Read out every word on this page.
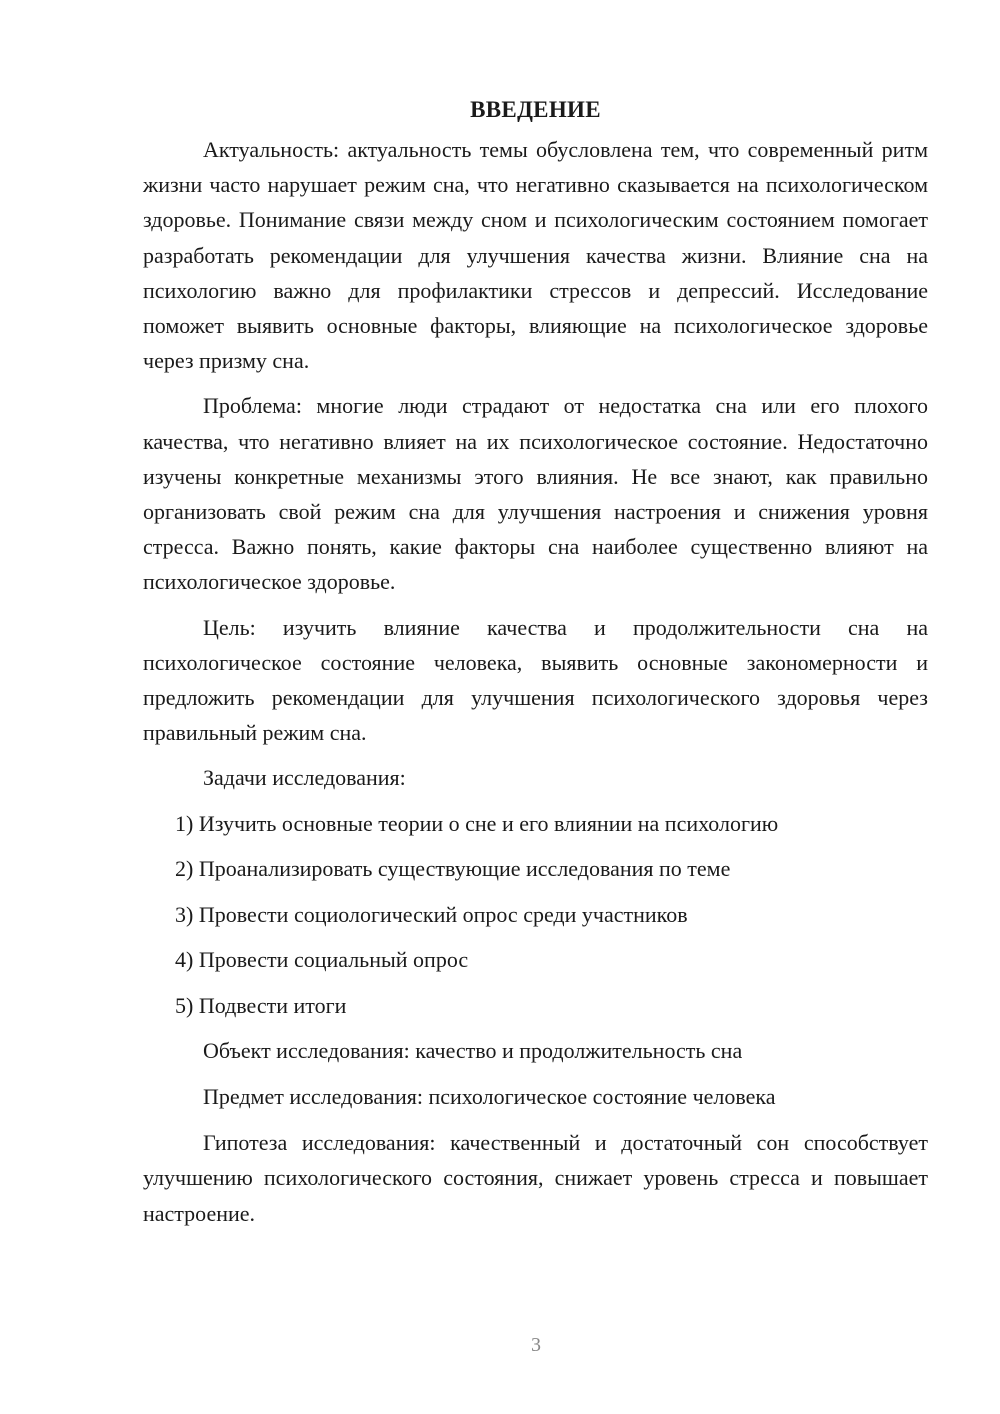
ВВЕДЕНИЕ

Актуальность: актуальность темы обусловлена тем, что современный ритм жизни часто нарушает режим сна, что негативно сказывается на психологическом здоровье. Понимание связи между сном и психологическим состоянием помогает разработать рекомендации для улучшения качества жизни. Влияние сна на психологию важно для профилактики стрессов и депрессий. Исследование поможет выявить основные факторы, влияющие на психологическое здоровье через призму сна.

Проблема: многие люди страдают от недостатка сна или его плохого качества, что негативно влияет на их психологическое состояние. Недостаточно изучены конкретные механизмы этого влияния. Не все знают, как правильно организовать свой режим сна для улучшения настроения и снижения уровня стресса. Важно понять, какие факторы сна наиболее существенно влияют на психологическое здоровье.

Цель: изучить влияние качества и продолжительности сна на психологическое состояние человека, выявить основные закономерности и предложить рекомендации для улучшения психологического здоровья через правильный режим сна.

Задачи исследования:
1) Изучить основные теории о сне и его влиянии на психологию
2) Проанализировать существующие исследования по теме
3) Провести социологический опрос среди участников
4) Провести социальный опрос
5) Подвести итоги
Объект исследования: качество и продолжительность сна
Предмет исследования: психологическое состояние человека

Гипотеза исследования: качественный и достаточный сон способствует улучшению психологического состояния, снижает уровень стресса и повышает настроение.

3
